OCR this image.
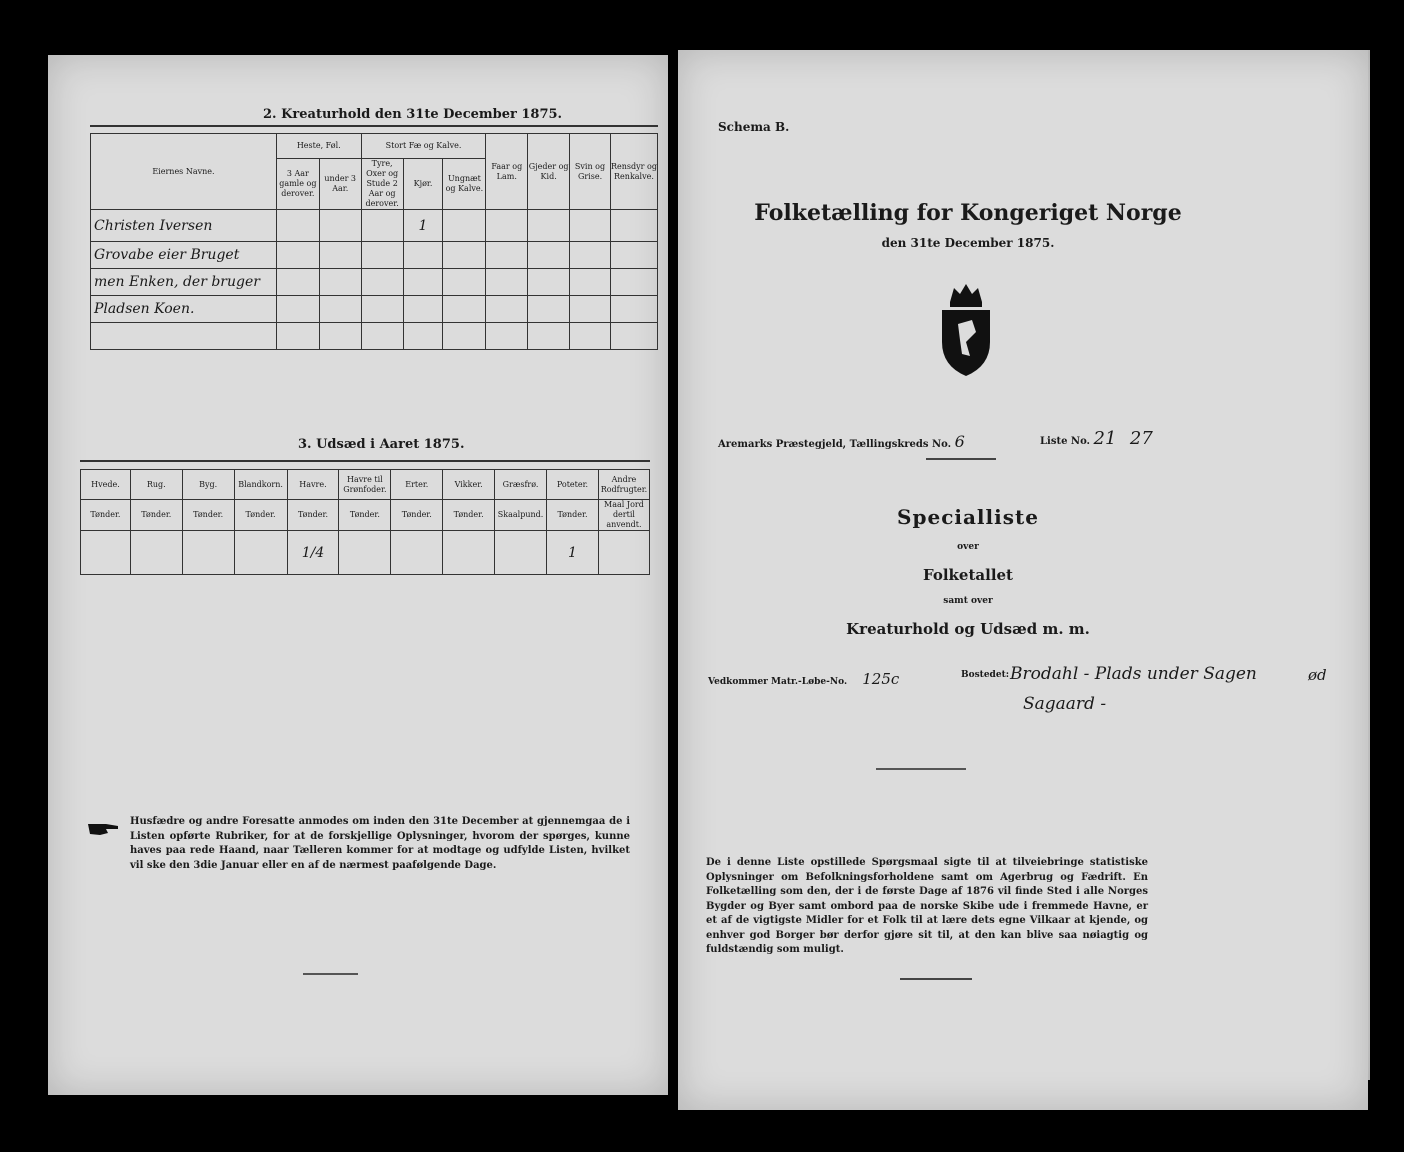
2. Kreaturhold den 31te December 1875.
Eiernes Navne.	Heste, Føl.		Stort Fæ og Kalve.			Faar og Lam.	Gjeder og Kid.	Svin og Grise.	Rensdyr og Renkalve.
	3 Aar gamle og derover.	under 3 Aar.	Tyre, Oxer og Stude 2 Aar og derover.	Kjør.	Ungnæt og Kalve.				
Christen Iversen				1					
Grovabe eier Bruget									
men Enken, der bruger									
Pladsen Koen.									

3. Udsæd i Aaret 1875.
Hvede.	Rug.	Byg.	Blandkorn.	Havre.	Havre til Grønfoder.	Erter.	Vikker.	Græsfrø.	Poteter.	Andre Rodfrugter.
Tønder.	Tønder.	Tønder.	Tønder.	Tønder.	Tønder.	Tønder.	Tønder.	Skaalpund.	Tønder.	Maal Jord dertil anvendt.
				1/4					1	
Husfædre og andre Foresatte anmodes om inden den 31te December at gjennemgaa de i Listen opførte Rubriker, for at de forskjellige Oplysninger, hvorom der spørges, kunne haves paa rede Haand, naar Tælleren kommer for at modtage og udfylde Listen, hvilket vil ske den 3die Januar eller en af de nærmest paafølgende Dage.
Schema B.
Folketælling for Kongeriget Norge
den 31te December 1875.
Aremarks Præstegjeld, Tællingskreds No. 6	Liste No. 21 27
Specialliste
over
Folketallet
samt over
Kreaturhold og Udsæd m. m.
Vedkommer Matr.-Løbe-No. 125c	Bostedet: Brodahl - Plads under Sagen	ød
Sagaard -
De i denne Liste opstillede Spørgsmaal sigte til at tilveiebringe statistiske Oplysninger om Befolkningsforholdene samt om Agerbrug og Fædrift. En Folketælling som den, der i de første Dage af 1876 vil finde Sted i alle Norges Bygder og Byer samt ombord paa de norske Skibe ude i fremmede Havne, er et af de vigtigste Midler for et Folk til at lære dets egne Vilkaar at kjende, og enhver god Borger bør derfor gjøre sit til, at den kan blive saa nøiagtig og fuldstændig som muligt.
